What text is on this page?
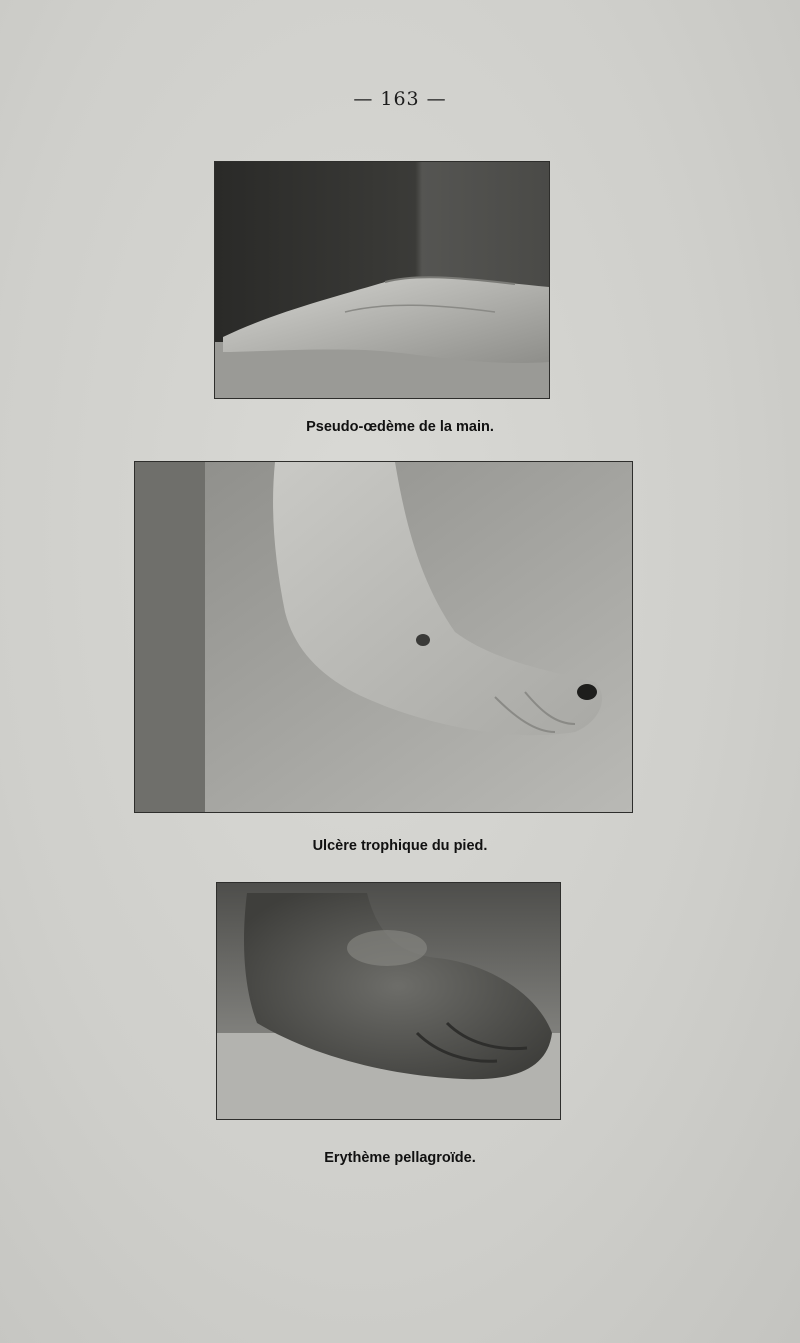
— 163 —
Pseudo-œdème de la main.
Ulcère trophique du pied.
Erythème pellagroïde.
